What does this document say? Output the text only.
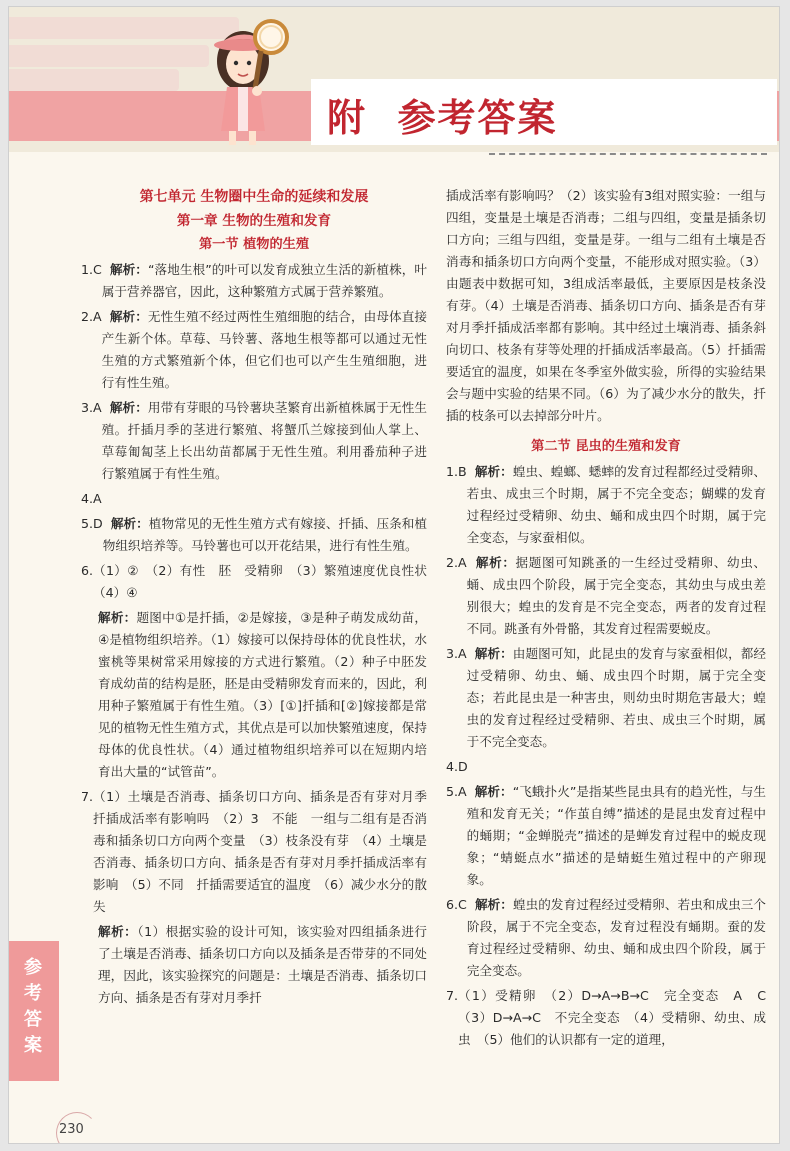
附  参考答案
第七单元 生物圈中生命的延续和发展
第一章 生物的生殖和发育
第一节 植物的生殖
1.C 解析：“落地生根”的叶可以发育成独立生活的新植株，叶属于营养器官，因此，这种繁殖方式属于营养繁殖。
2.A 解析：无性生殖不经过两性生殖细胞的结合，由母体直接产生新个体。草莓、马铃薯、落地生根等都可以通过无性生殖的方式繁殖新个体，但它们也可以产生生殖细胞，进行有性生殖。
3.A 解析：用带有芽眼的马铃薯块茎繁育出新植株属于无性生殖。扦插月季的茎进行繁殖、将蟹爪兰嫁接到仙人掌上、草莓匍匐茎上长出幼苗都属于无性生殖。利用番茄种子进行繁殖属于有性生殖。
4.A
5.D 解析：植物常见的无性生殖方式有嫁接、扦插、压条和植物组织培养等。马铃薯也可以开花结果，进行有性生殖。
6. （1）②　（2）有性　胚　受精卵　（3）繁殖速度优良性状　（4）④
解析：题图中①是扦插，②是嫁接，③是种子萌发成幼苗，④是植物组织培养。（1）嫁接可以保持母体的优良性状，水蜜桃等果树常采用嫁接的方式进行繁殖。（2）种子中胚发育成幼苗的结构是胚，胚是由受精卵发育而来的，因此，利用种子繁殖属于有性生殖。（3）[①]扦插和[②]嫁接都是常见的植物无性生殖方式，其优点是可以加快繁殖速度，保持母体的优良性状。（4）通过植物组织培养可以在短期内培育出大量的“试管苗”。
7. （1）土壤是否消毒、插条切口方向、插条是否有芽对月季扦插成活率有影响吗　（2）3　不能　一组与二组有是否消毒和插条切口方向两个变量　（3）枝条没有芽　（4）土壤是否消毒、插条切口方向、插条是否有芽对月季扦插成活率有影响　（5）不同　扦插需要适宜的温度　（6）减少水分的散失
解析：（1）根据实验的设计可知，该实验对四组插条进行了土壤是否消毒、插条切口方向以及插条是否带芽的不同处理，因此，该实验探究的问题是：土壤是否消毒、插条切口方向、插条是否有芽对月季扦
插成活率有影响吗？（2）该实验有3组对照实验：一组与四组，变量是土壤是否消毒；二组与四组，变量是插条切口方向；三组与四组，变量是芽。一组与二组有土壤是否消毒和插条切口方向两个变量，不能形成对照实验。（3）由题表中数据可知，3组成活率最低，主要原因是枝条没有芽。（4）土壤是否消毒、插条切口方向、插条是否有芽对月季扦插成活率都有影响。其中经过土壤消毒、插条斜向切口、枝条有芽等处理的扦插成活率最高。（5）扦插需要适宜的温度，如果在冬季室外做实验，所得的实验结果会与题中实验的结果不同。（6）为了减少水分的散失，扦插的枝条可以去掉部分叶片。
第二节 昆虫的生殖和发育
1.B 解析：蝗虫、蝗螂、蟋蟀的发育过程都经过受精卵、若虫、成虫三个时期，属于不完全变态；蝴蝶的发育过程经过受精卵、幼虫、蛹和成虫四个时期，属于完全变态，与家蚕相似。
2.A 解析：据题图可知跳蚤的一生经过受精卵、幼虫、蛹、成虫四个阶段，属于完全变态，其幼虫与成虫差别很大；蝗虫的发育是不完全变态，两者的发育过程不同。跳蚤有外骨骼，其发育过程需要蜕皮。
3.A 解析：由题图可知，此昆虫的发育与家蚕相似，都经过受精卵、幼虫、蛹、成虫四个时期，属于完全变态；若此昆虫是一种害虫，则幼虫时期危害最大；蝗虫的发育过程经过受精卵、若虫、成虫三个时期，属于不完全变态。
4.D
5.A 解析：“飞蛾扑火”是指某些昆虫具有的趋光性，与生殖和发育无关；“作茧自缚”描述的是昆虫发育过程中的蛹期；“金蝉脱壳”描述的是蝉发育过程中的蜕皮现象；“蜻蜓点水”描述的是蜻蜓生殖过程中的产卵现象。
6.C 解析：蝗虫的发育过程经过受精卵、若虫和成虫三个阶段，属于不完全变态，发育过程没有蛹期。蚕的发育过程经过受精卵、幼虫、蛹和成虫四个阶段，属于完全变态。
7. （1）受精卵　（2）D→A→B→C　完全变态　A　C　（3）D→A→C　不完全变态　（4）受精卵、幼虫、成虫　（5）他们的认识都有一定的道理，
参考答案
230
